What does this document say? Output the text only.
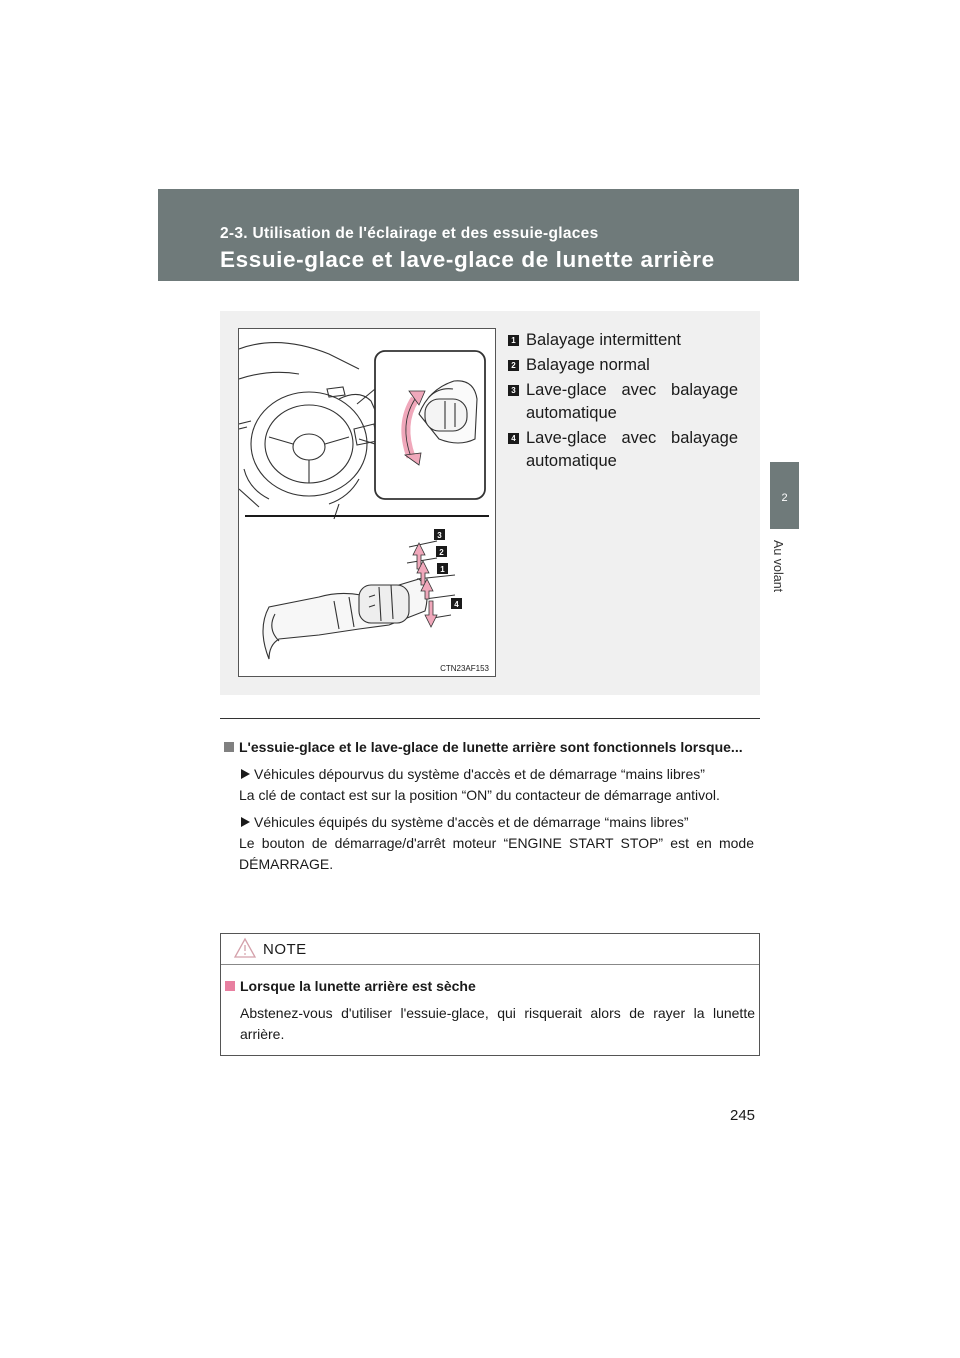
2-3. Utilisation de l'éclairage et des essuie-glaces
Essuie-glace et lave-glace de lunette arrière
2
Au volant
3
2
1
4
CTN23AF153
1 Balayage intermittent
2 Balayage normal
3 Lave-glace avec balayage automatique
4 Lave-glace avec balayage automatique
L'essuie-glace et le lave-glace de lunette arrière sont fonctionnels lorsque...
Véhicules dépourvus du système d'accès et de démarrage “mains libres”
La clé de contact est sur la position “ON” du contacteur de démarrage antivol.
Véhicules équipés du système d'accès et de démarrage “mains libres”
Le bouton de démarrage/d'arrêt moteur “ENGINE START STOP” est en mode DÉMARRAGE.
NOTE
Lorsque la lunette arrière est sèche
Abstenez-vous d'utiliser l'essuie-glace, qui risquerait alors de rayer la lunette arrière.
245
